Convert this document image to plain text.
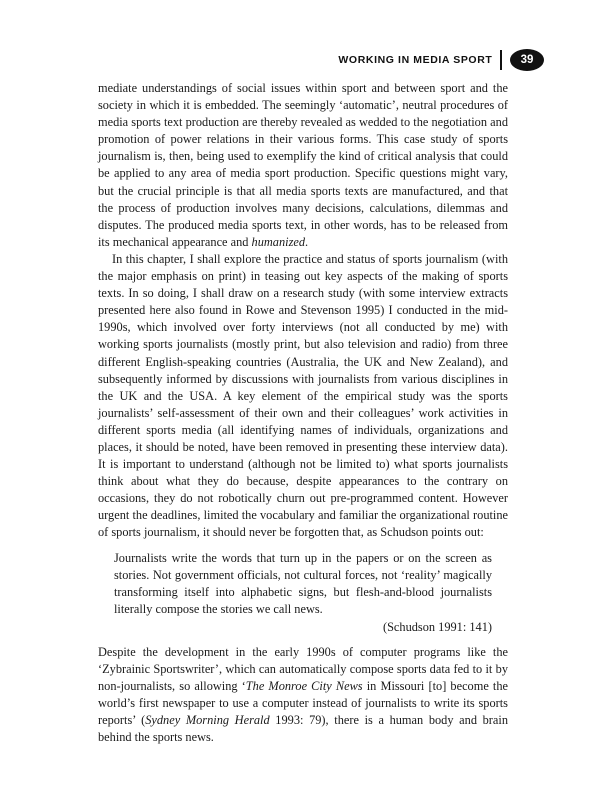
WORKING IN MEDIA SPORT	39

mediate understandings of social issues within sport and between sport and the society in which it is embedded. The seemingly ‘automatic’, neutral procedures of media sports text production are thereby revealed as wedded to the negotiation and promotion of power relations in their various forms. This case study of sports journalism is, then, being used to exemplify the kind of critical analysis that could be applied to any area of media sport production. Specific questions might vary, but the crucial principle is that all media sports texts are manufactured, and that the process of production involves many decisions, calculations, dilemmas and disputes. The produced media sports text, in other words, has to be released from its mechanical appearance and humanized.

In this chapter, I shall explore the practice and status of sports journalism (with the major emphasis on print) in teasing out key aspects of the making of sports texts. In so doing, I shall draw on a research study (with some interview extracts presented here also found in Rowe and Stevenson 1995) I conducted in the mid-1990s, which involved over forty interviews (not all conducted by me) with working sports journalists (mostly print, but also television and radio) from three different English-speaking countries (Australia, the UK and New Zealand), and subsequently informed by discussions with journalists from various disciplines in the UK and the USA. A key element of the empirical study was the sports journalists’ self-assessment of their own and their colleagues’ work activities in different sports media (all identifying names of individuals, organizations and places, it should be noted, have been removed in presenting these interview data). It is important to understand (although not be limited to) what sports journalists think about what they do because, despite appearances to the contrary on occasions, they do not robotically churn out pre-programmed content. However urgent the deadlines, limited the vocabulary and familiar the organizational routine of sports journalism, it should never be forgotten that, as Schudson points out:

Journalists write the words that turn up in the papers or on the screen as stories. Not government officials, not cultural forces, not ‘reality’ magically transforming itself into alphabetic signs, but flesh-and-blood journalists literally compose the stories we call news.
(Schudson 1991: 141)

Despite the development in the early 1990s of computer programs like the ‘Zybrainic Sportswriter’, which can automatically compose sports data fed to it by non-journalists, so allowing ‘The Monroe City News in Missouri [to] become the world’s first newspaper to use a computer instead of journalists to write its sports reports’ (Sydney Morning Herald 1993: 79), there is a human body and brain behind the sports news.
